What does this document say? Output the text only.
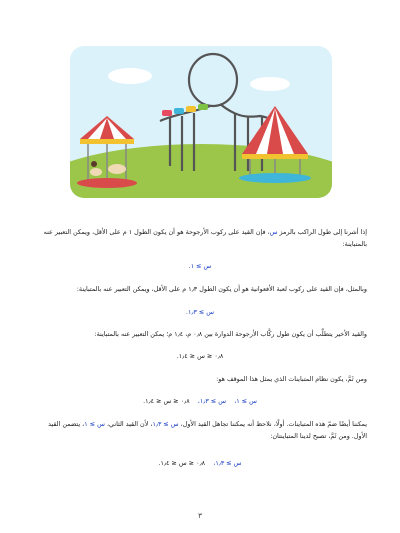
إذا أشرنا إلى طول الراكب بالرمز س، فإن القيد على ركوب الأرجوحة هو أن يكون الطول ١ م على الأقل، ويمكن التعبير عنه بالمتباينة:
س ≥ ١.
وبالمثل، فإن القيد على ركوب لعبة الأفعوانية هو أن يكون الطول ١٫٣ م على الأقل، ويمكن التعبير عنه بالمتباينة:
س ≥ ١٫٣.
والقيد الأخير يتطلَّب أن يكون طول ركَّاب الأرجوحة الدوارة بين ٠٫٨ م، ١٫٤ م؛ يمكن التعبير عنه بالمتباينة:
٠٫٨ ≤ س ≤ ١٫٤.
ومن ثَمَّ، يكون نظام المتباينات الذي يمثل هذا الموقف هو:
س ≥ ١،    س ≥ ١٫٣،    ٠٫٨ ≤ س ≤ ١٫٤.
يمكننا أيضًا ضمّ هذه المتباينات. أولًا، نلاحظ أنه يمكننا تجاهل القيد الأول، س ≥ ١٫٣، لأن القيد الثاني، س ≥ ١، يتضمن القيد الأول. ومن ثَمَّ، تصبح لدينا المتباينتان:
س ≥ ١٫٣،    ٠٫٨ ≤ س ≤ ١٫٤.
٣
